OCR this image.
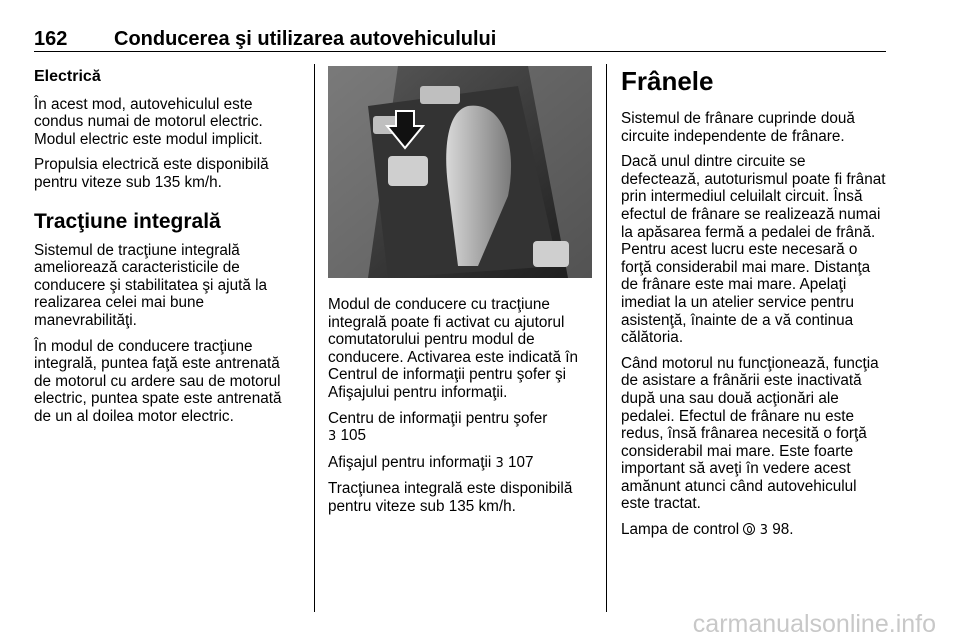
162	Conducerea şi utilizarea autovehiculului
Electrică

În acest mod, autovehiculul este condus numai de motorul electric. Modul electric este modul implicit.

Propulsia electrică este disponibilă pentru viteze sub 135 km/h.

Tracţiune integrală

Sistemul de tracţiune integrală ameliorează caracteristicile de conducere şi stabilitatea şi ajută la realizarea celei mai bune manevrabilităţi.

În modul de conducere tracţiune integrală, puntea faţă este antrenată de motorul cu ardere sau de motorul electric, puntea spate este antrenată de un al doilea motor electric.

Modul de conducere cu tracţiune integrală poate fi activat cu ajutorul comutatorului pentru modul de conducere. Activarea este indicată în Centrul de informaţii pentru şofer şi Afişajului pentru informaţii.

Centru de informaţii pentru şofer
3 105

Afişajul pentru informaţii 3 107

Tracţiunea integrală este disponibilă pentru viteze sub 135 km/h.

Frânele

Sistemul de frânare cuprinde două circuite independente de frânare.

Dacă unul dintre circuite se defectează, autoturismul poate fi frânat prin intermediul celuilalt circuit. Însă efectul de frânare se realizează numai la apăsarea fermă a pedalei de frână. Pentru acest lucru este necesară o forţă considerabil mai mare. Distanţa de frânare este mai mare. Apelaţi imediat la un atelier service pentru asistenţă, înainte de a vă continua călătoria.

Când motorul nu funcţionează, funcţia de asistare a frânării este inactivată după una sau două acţionări ale pedalei. Efectul de frânare nu este redus, însă frânarea necesită o forţă considerabil mai mare. Este foarte important să aveţi în vedere acest amănunt atunci când autovehiculul este tractat.

Lampa de control 3 98.

carmanualsonline.info
